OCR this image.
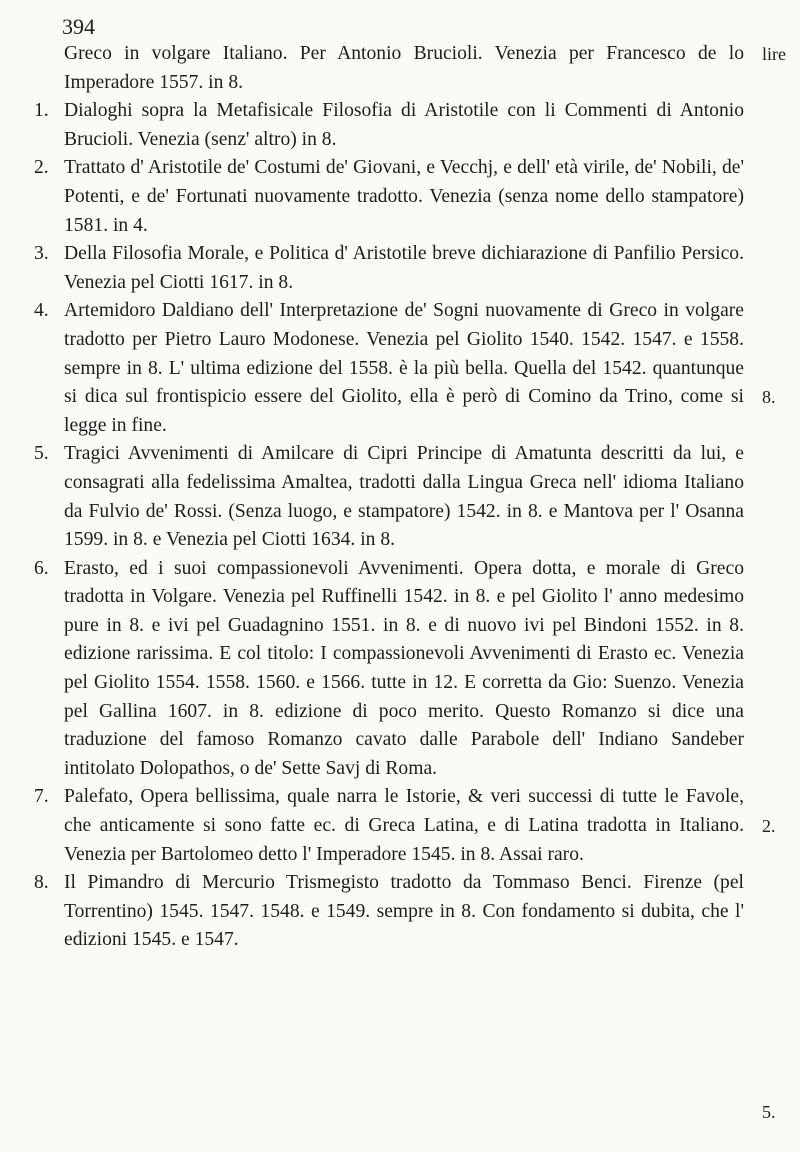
394

Greco in volgare Italiano. Per Antonio Brucioli. Venezia per Francesco de lo Imperadore 1557. in 8.

1. Dialoghi sopra la Metafisicale Filosofia di Aristotile con li Commenti di Antonio Brucioli. Venezia (senz' altro) in 8.

2. Trattato d' Aristotile de' Costumi de' Giovani, e Vecchj, e dell' età virile, de' Nobili, de' Potenti, e de' Fortunati nuovamente tradotto. Venezia (senza nome dello stampatore) 1581. in 4.

3. Della Filosofia Morale, e Politica d' Aristotile breve dichiarazione di Panfilio Persico. Venezia pel Ciotti 1617. in 8.

4. Artemidoro Daldiano dell' Interpretazione de' Sogni nuovamente di Greco in volgare tradotto per Pietro Lauro Modonese. Venezia pel Giolito 1540. 1542. 1547. e 1558. sempre in 8. L' ultima edizione del 1558. è la più bella. Quella del 1542. quantunque si dica sul frontispicio essere del Giolito, ella è però di Comino da Trino, come si legge in fine.

5. Tragici Avvenimenti di Amilcare di Cipri Principe di Amatunta descritti da lui, e consagrati alla fedelissima Amaltea, tradotti dalla Lingua Greca nell' idioma Italiano da Fulvio de' Rossi. (Senza luogo, e stampatore) 1542. in 8. e Mantova per l' Osanna 1599. in 8. e Venezia pel Ciotti 1634. in 8.

6. Erasto, ed i suoi compassionevoli Avvenimenti. Opera dotta, e morale di Greco tradotta in Volgare. Venezia pel Ruffinelli 1542. in 8. e pel Giolito l' anno medesimo pure in 8. e ivi pel Guadagnino 1551. in 8. e di nuovo ivi pel Bindoni 1552. in 8. edizione rarissima. E col titolo: I compassionevoli Avvenimenti di Erasto ec. Venezia pel Giolito 1554. 1558. 1560. e 1566. tutte in 12. E corretta da Gio: Suenzo. Venezia pel Gallina 1607. in 8. edizione di poco merito. Questo Romanzo si dice una traduzione del famoso Romanzo cavato dalle Parabole dell' Indiano Sandeber intitolato Dolopathos, o de' Sette Savj di Roma.

7. Palefato, Opera bellissima, quale narra le Istorie, & veri successi di tutte le Favole, che anticamente si sono fatte ec. di Greca Latina, e di Latina tradotta in Italiano. Venezia per Bartolomeo detto l' Imperadore 1545. in 8. Assai raro.

8. Il Pimandro di Mercurio Trismegisto tradotto da Tommaso Benci. Firenze (pel Torrentino) 1545. 1547. 1548. e 1549. sempre in 8. Con fondamento si dubita, che l' edizioni 1545. e 1547.

lire
8.
2.
5.
